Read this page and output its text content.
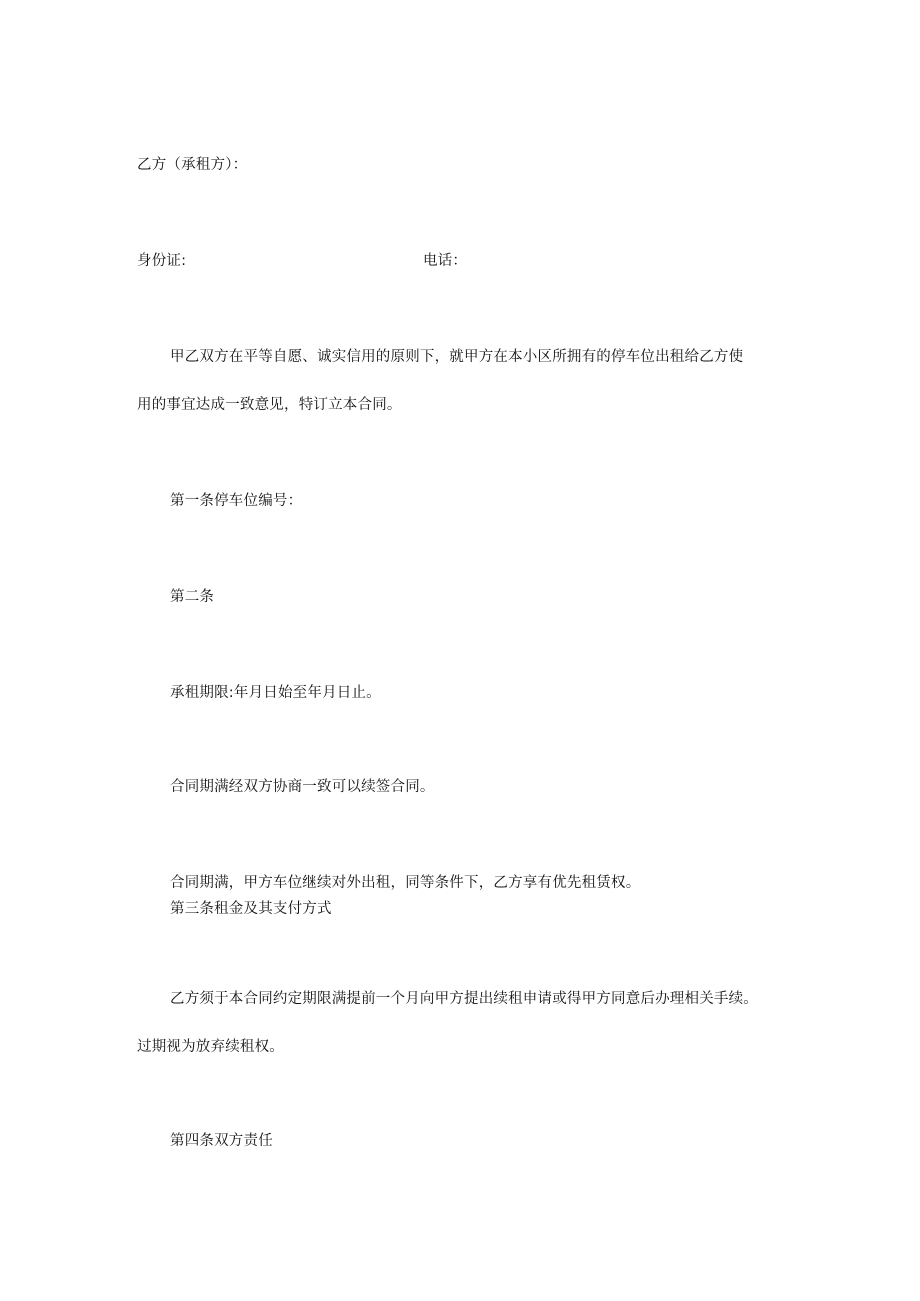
乙方（承租方）：
身份证:	电话：
甲乙双方在平等自愿、诚实信用的原则下，就甲方在本小区所拥有的停车位出租给乙方使
用的事宜达成一致意见，特订立本合同。
第一条停车位编号：
第二条
承租期限:年月日始至年月日止。
合同期满经双方协商一致可以续签合同。
合同期满，甲方车位继续对外出租，同等条件下，乙方享有优先租赁权。
第三条租金及其支付方式
乙方须于本合同约定期限满提前一个月向甲方提出续租申请或得甲方同意后办理相关手续。
过期视为放弃续租权。
第四条双方责任
